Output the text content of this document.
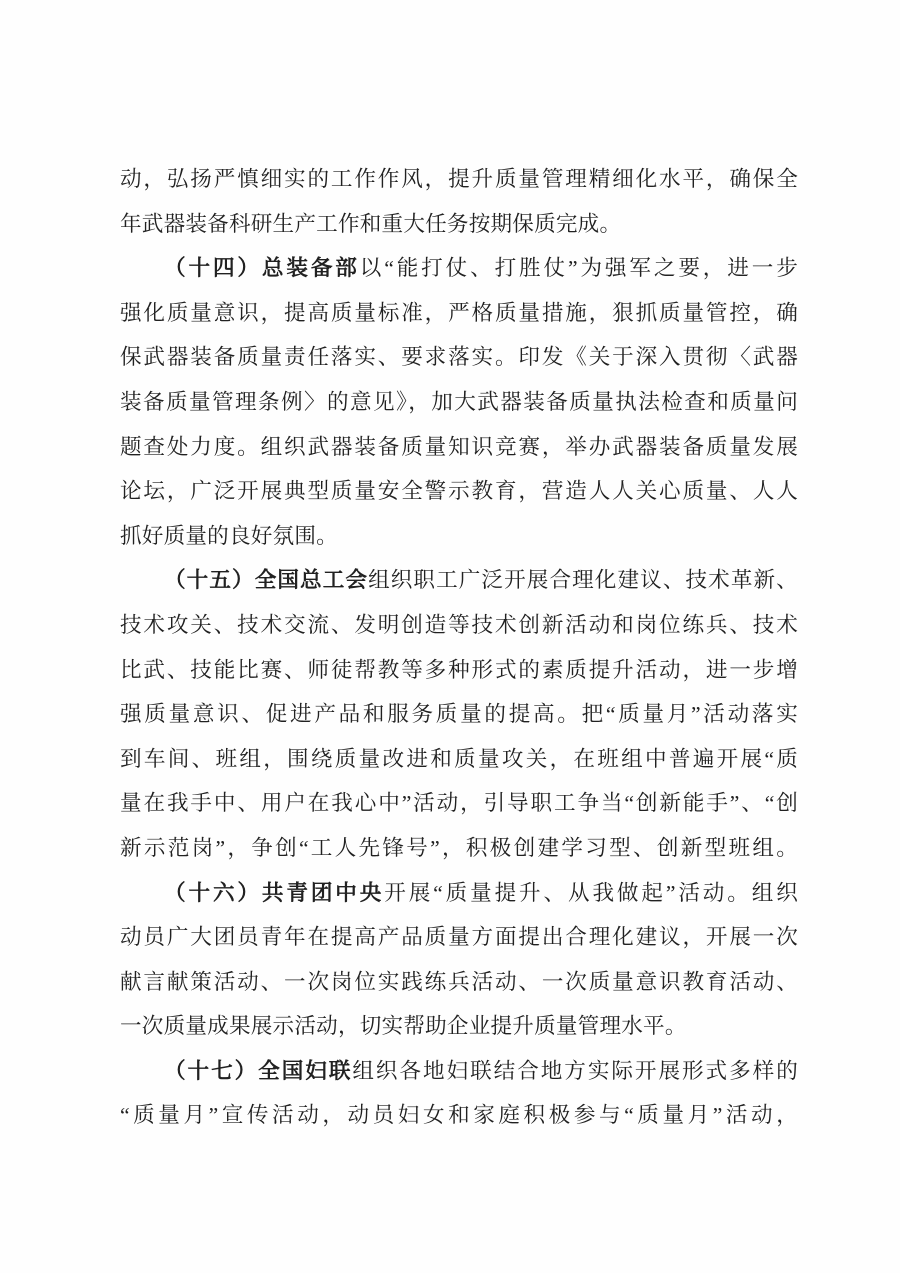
动，弘扬严慎细实的工作作风，提升质量管理精细化水平，确保全
年武器装备科研生产工作和重大任务按期保质完成。
（十四）总装备部以“能打仗、打胜仗”为强军之要，进一步
强化质量意识，提高质量标准，严格质量措施，狠抓质量管控，确
保武器装备质量责任落实、要求落实。印发《关于深入贯彻〈武器
装备质量管理条例〉的意见》，加大武器装备质量执法检查和质量问
题查处力度。组织武器装备质量知识竞赛，举办武器装备质量发展
论坛，广泛开展典型质量安全警示教育，营造人人关心质量、人人
抓好质量的良好氛围。
（十五）全国总工会组织职工广泛开展合理化建议、技术革新、
技术攻关、技术交流、发明创造等技术创新活动和岗位练兵、技术
比武、技能比赛、师徒帮教等多种形式的素质提升活动，进一步增
强质量意识、促进产品和服务质量的提高。把“质量月”活动落实
到车间、班组，围绕质量改进和质量攻关，在班组中普遍开展“质
量在我手中、用户在我心中”活动，引导职工争当“创新能手”、“创
新示范岗”，争创“工人先锋号”，积极创建学习型、创新型班组。
（十六）共青团中央开展“质量提升、从我做起”活动。组织
动员广大团员青年在提高产品质量方面提出合理化建议，开展一次
献言献策活动、一次岗位实践练兵活动、一次质量意识教育活动、
一次质量成果展示活动，切实帮助企业提升质量管理水平。
（十七）全国妇联组织各地妇联结合地方实际开展形式多样的
“质量月”宣传活动，动员妇女和家庭积极参与“质量月”活动，
